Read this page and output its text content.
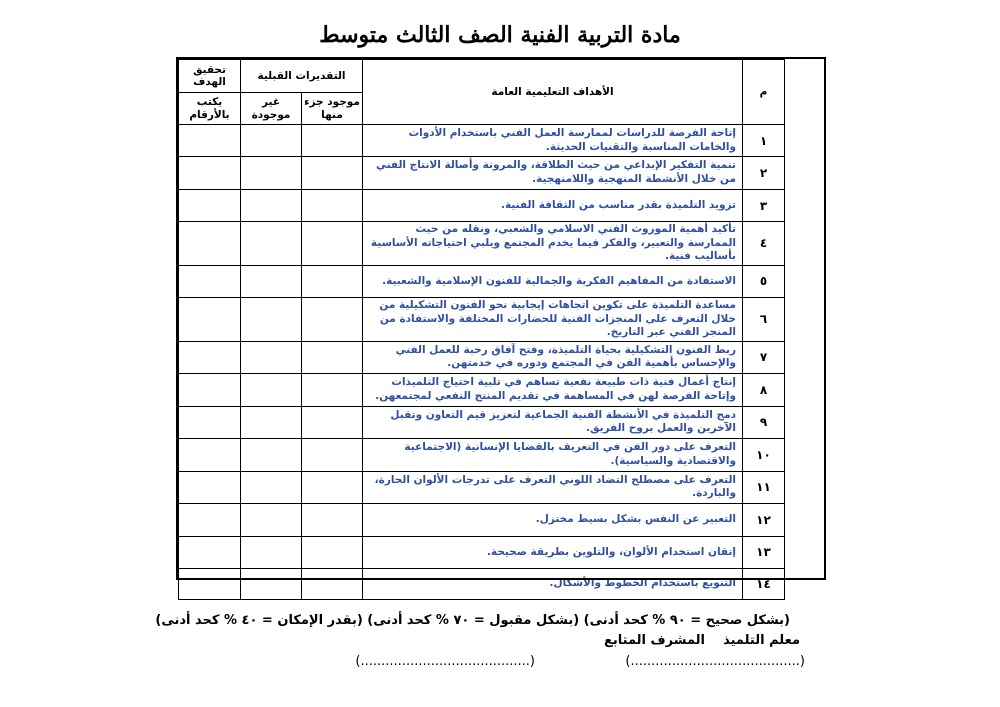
مادة التربية الفنية الصف الثالث متوسط
م	الأهداف التعليمية العامة	التقديرات القبلية		تحقيق الهدف
		موجود جزء منها	غير موجودة	يكتب بالأرقام
١	إتاحة الفرصة للدراسات لممارسة العمل الفني باستخدام الأدوات والخامات المناسبة والتقنيات الحديثة.			
٢	تنمية التفكير الإبداعي من حيث الطلاقة، والمرونة وأصالة الانتاج الفني من خلال الأنشطة المنهجية واللامنهجية.			
٣	تزويد التلميذة بقدر مناسب من الثقافة الفنية.			
٤	تأكيد أهمية الموروث الفني الاسلامي والشعبي، ونقله من حيث الممارسة والتعبير، والفكر فيما يخدم المجتمع ويلبي احتياجاته الأساسية بأساليب فنية.			
٥	الاستفادة من المفاهيم الفكرية والجمالية للفنون الإسلامية والشعبية.			
٦	مساعدة التلميذة على تكوين اتجاهات إيجابية نحو الفنون التشكيلية من خلال التعرف على المنجزات الفنية للحضارات المختلفة والاستفادة من المنجز الفني عبر التاريخ.			
٧	ربط الفنون التشكيلية بحياة التلميذة، وفتح آفاق رحبة للعمل الفني والإحساس بأهمية الفن في المجتمع ودوره في خدمتهن.			
٨	إنتاج أعمال فنية ذات طبيعة نفعية تساهم في تلبية احتياج التلميذات وإتاحة الفرصة لهن في المساهمة في تقديم المنتج النفعي لمجتمعهن.			
٩	دمج التلميذة في الأنشطة الفنية الجماعية لتعزيز قيم التعاون وتقبل الآخرين والعمل بروح الفريق.			
١٠	التعرف على دور الفن في التعريف بالقضايا الإنسانية (الاجتماعية والاقتصادية والسياسية).			
١١	التعرف على مصطلح التضاد اللوني التعرف على تدرجات الألوان الحارة، والباردة.			
١٢	التعبير عن النفس بشكل بسيط مختزل.			
١٣	إتقان استخدام الألوان، والتلوين بطريقة صحيحة.			
١٤	التنويع باستخدام الخطوط والأشكال.			
(بشكل صحيح = ٩٠ % كحد أدنى) (بشكل مقبول = ٧٠ % كحد أدنى) (بقدر الإمكان = ٤٠ % كحد أدنى)
معلم التلميذ
المشرف المتابع
(.........................................)
(.........................................)
